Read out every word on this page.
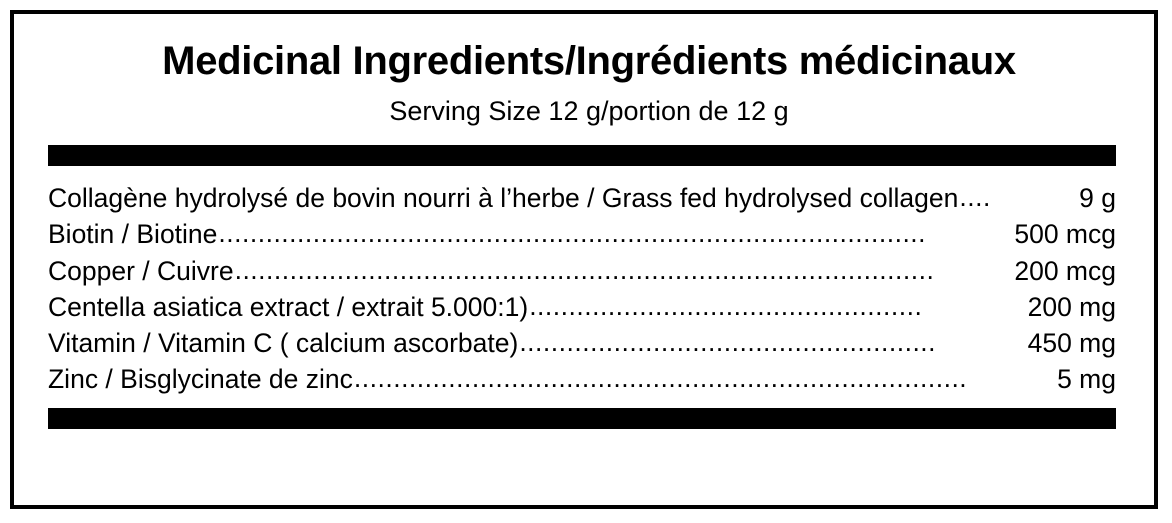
Medicinal Ingredients/Ingrédients médicinaux
Serving Size 12 g/portion de 12 g
Collagène hydrolysé de bovin nourri à l’herbe / Grass fed hydrolysed collagen ....	9 g
Biotin / Biotine ..........................................................................................	500 mcg
Copper / Cuivre .........................................................................................	200 mcg
Centella asiatica extract / extrait 5.000:1) ..................................................	200 mg
Vitamin / Vitamin C ( calcium ascorbate) .....................................................	450 mg
Zinc / Bisglycinate de zinc ..............................................................................	5 mg
